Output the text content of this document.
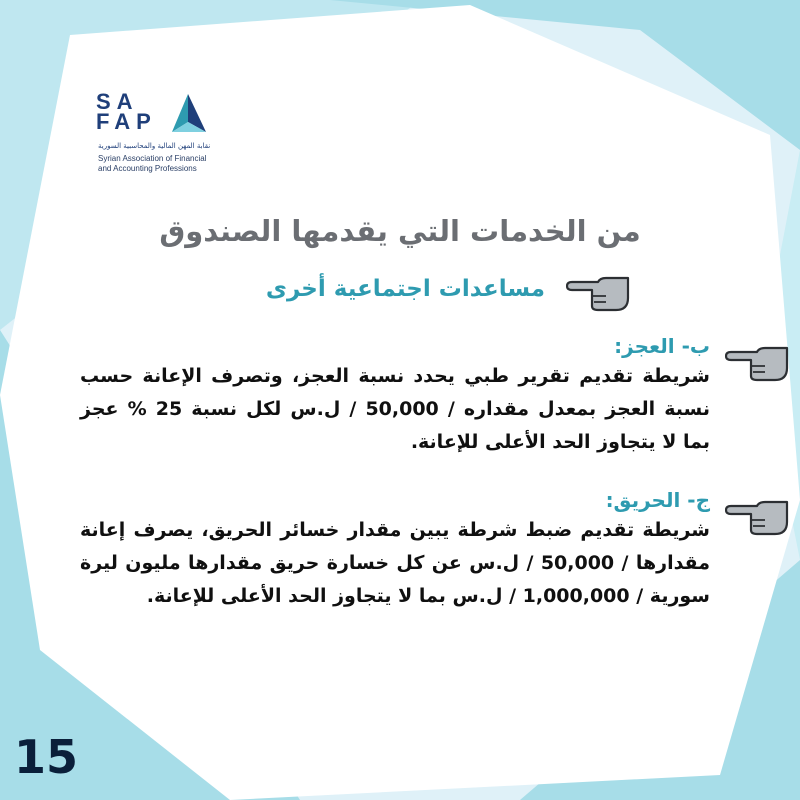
SA
FAP
نقابة المهن المالية والمحاسبية السورية
Syrian Association of Financial
and Accounting Professions
من الخدمات التي يقدمها الصندوق
مساعدات اجتماعية أخرى
ب- العجز:

شريطة تقديم تقرير طبي يحدد نسبة العجز، وتصرف الإعانة حسب نسبة العجز بمعدل مقداره / 50,000 / ل.س لكل نسبة 25 % عجز بما لا يتجاوز الحد الأعلى للإعانة.

ج- الحريق:

شريطة تقديم ضبط شرطة يبين مقدار خسائر الحريق، يصرف إعانة مقدارها / 50,000 / ل.س عن كل خسارة حريق مقدارها مليون ليرة سورية / 1,000,000 / ل.س بما لا يتجاوز الحد الأعلى للإعانة.

15
